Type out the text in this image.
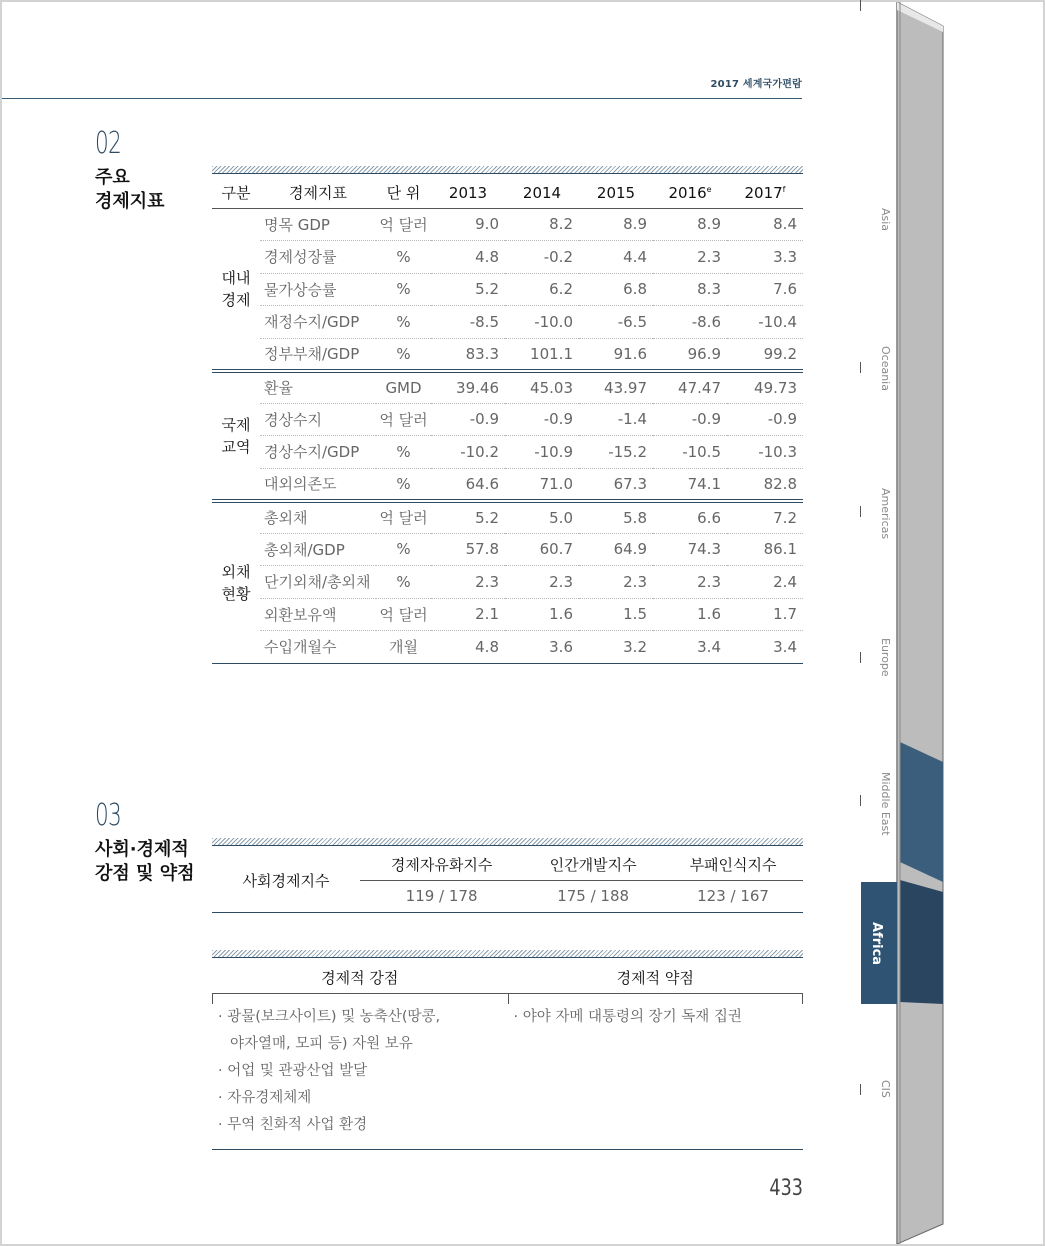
2017 세계국가편람
02
주요
경제지표	구분	경제지표	단 위	2013	2014	2015	2016e	2017$^f$

대내
경제	명목 GDP	억 달러	9.0	8.2	8.9	8.9	8.4
	경제성장률	%	4.8	-0.2	4.4	2.3	3.3
	물가상승률	%	5.2	6.2	6.8	8.3	7.6
	재정수지/GDP	%	-8.5	-10.0	-6.5	-8.6	-10.4
	정부부채/GDP	%	83.3	101.1	91.6	96.9	99.2

국제
교역	환율	GMD	39.46	45.03	43.97	47.47	49.73
	경상수지	억 달러	-0.9	-0.9	-1.4	-0.9	-0.9
	경상수지/GDP	%	-10.2	-10.9	-15.2	-10.5	-10.3
	대외의존도	%	64.6	71.0	67.3	74.1	82.8

외채
현황	총외채	억 달러	5.2	5.0	5.8	6.6	7.2
	총외채/GDP	%	57.8	60.7	64.9	74.3	86.1
	단기외채/총외채	%	2.3	2.3	2.3	2.3	2.4
	외환보유액	억 달러	2.1	1.6	1.5	1.6	1.7
	수입개월수	개월	4.8	3.6	3.2	3.4	3.4
03
사회·경제적
강점 및 약점	사회경제지수	경제자유화지수	인간개발지수	부패인식지수
	119 / 178	175 / 188	123 / 167
경제적 강점	경제적 약점
· 광물(보크사이트) 및 농축산(땅콩,
야자열매, 모피 등) 자원 보유
· 어업 및 관광산업 발달
· 자유경제체제
· 무역 친화적 사업 환경
· 야야 자메 대통령의 장기 독재 집권
433
Asia
Oceania
Americas
Europe
Middle East
Africa
CIS
